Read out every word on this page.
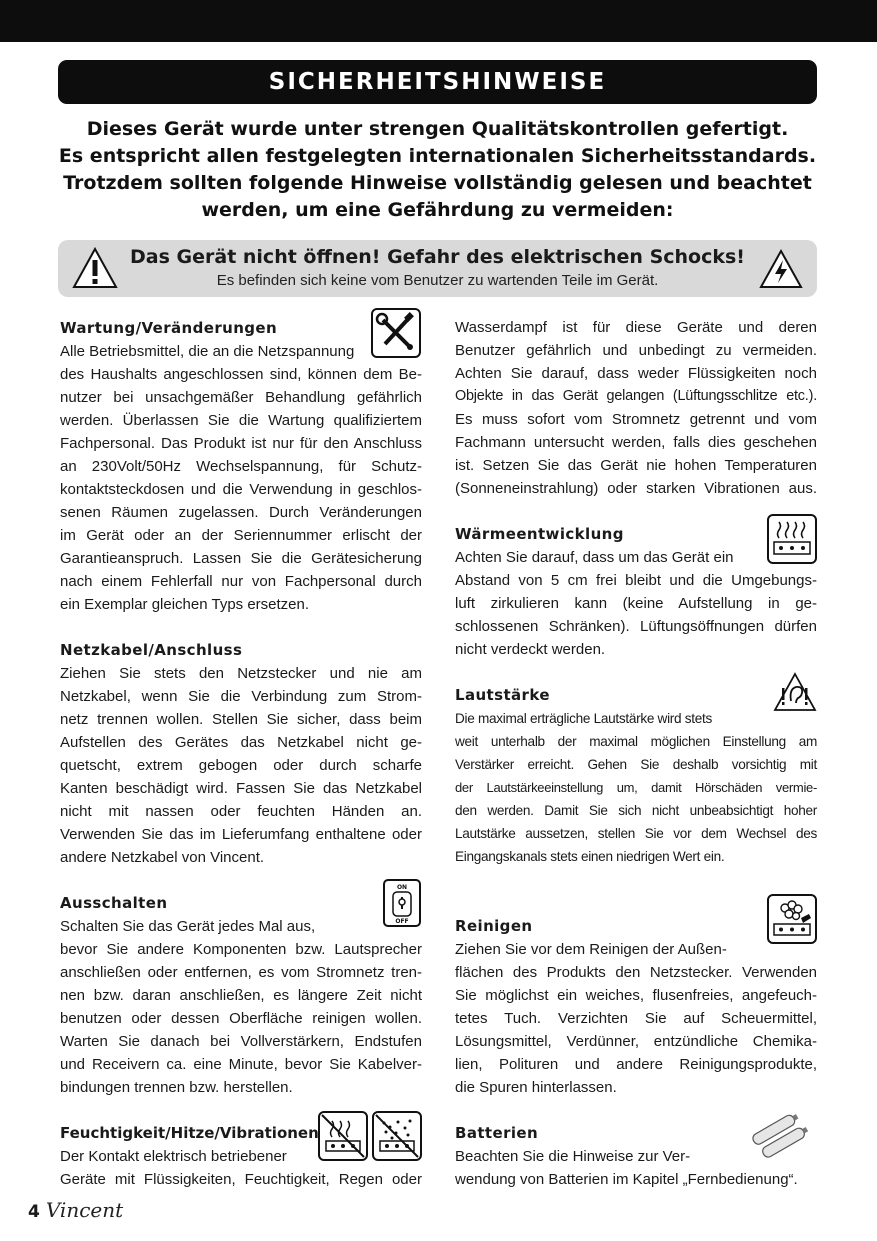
SICHERHEITSHINWEISE
Dieses Gerät wurde unter strengen Qualitätskontrollen gefertigt.
Es entspricht allen festgelegten internationalen Sicherheitsstandards.
Trotzdem sollten folgende Hinweise vollständig gelesen und beachtet
werden, um eine Gefährdung zu vermeiden:
Das Gerät nicht öffnen! Gefahr des elektrischen Schocks!
Es befinden sich keine vom Benutzer zu wartenden Teile im Gerät.
Wartung/Veränderungen
Alle Betriebsmittel, die an die Netzspannung
des Haushalts angeschlossen sind, können dem Be-
nutzer bei unsachgemäßer Behandlung gefährlich
werden. Überlassen Sie die Wartung qualifiziertem
Fachpersonal. Das Produkt ist nur für den Anschluss
an 230Volt/50Hz Wechselspannung, für Schutz-
kontaktsteckdosen und die Verwendung in geschlos-
senen Räumen zugelassen. Durch Veränderungen
im Gerät oder an der Seriennummer erlischt der
Garantieanspruch. Lassen Sie die Gerätesicherung
nach einem Fehlerfall nur von Fachpersonal durch
ein Exemplar gleichen Typs ersetzen.
Netzkabel/Anschluss
Ziehen Sie stets den Netzstecker und nie am
Netzkabel, wenn Sie die Verbindung zum Strom-
netz trennen wollen. Stellen Sie sicher, dass beim
Aufstellen des Gerätes das Netzkabel nicht ge-
quetscht, extrem gebogen oder durch scharfe
Kanten beschädigt wird. Fassen Sie das Netzkabel
nicht mit nassen oder feuchten Händen an.
Verwenden Sie das im Lieferumfang enthaltene oder
andere Netzkabel von Vincent.
Ausschalten
Schalten Sie das Gerät jedes Mal aus,
bevor Sie andere Komponenten bzw. Lautsprecher
anschließen oder entfernen, es vom Stromnetz tren-
nen bzw. daran anschließen, es längere Zeit nicht
benutzen oder dessen Oberfläche reinigen wollen.
Warten Sie danach bei Vollverstärkern, Endstufen
und Receivern ca. eine Minute, bevor Sie Kabelver-
bindungen trennen bzw. herstellen.
ON
OFF
Feuchtigkeit/Hitze/Vibrationen
Der Kontakt elektrisch betriebener
Geräte mit Flüssigkeiten, Feuchtigkeit, Regen oder
Wasserdampf ist für diese Geräte und deren
Benutzer gefährlich und unbedingt zu vermeiden.
Achten Sie darauf, dass weder Flüssigkeiten noch
Objekte in das Gerät gelangen (Lüftungsschlitze etc.).
Es muss sofort vom Stromnetz getrennt und vom
Fachmann untersucht werden, falls dies geschehen
ist. Setzen Sie das Gerät nie hohen Temperaturen
(Sonneneinstrahlung) oder starken Vibrationen aus.
Wärmeentwicklung
Achten Sie darauf, dass um das Gerät ein
Abstand von 5 cm frei bleibt und die Umgebungs-
luft zirkulieren kann (keine Aufstellung in ge-
schlossenen Schränken). Lüftungsöffnungen dürfen
nicht verdeckt werden.
Lautstärke
Die maximal erträgliche Lautstärke wird stets
weit unterhalb der maximal möglichen Einstellung am
Verstärker erreicht. Gehen Sie deshalb vorsichtig mit
der Lautstärkeeinstellung um, damit Hörschäden vermie-
den werden. Damit Sie sich nicht unbeabsichtigt hoher
Lautstärke aussetzen, stellen Sie vor dem Wechsel des
Eingangskanals stets einen niedrigen Wert ein.
Reinigen
Ziehen Sie vor dem Reinigen der Außen-
flächen des Produkts den Netzstecker. Verwenden
Sie möglichst ein weiches, flusenfreies, angefeuch-
tetes Tuch. Verzichten Sie auf Scheuermittel,
Lösungsmittel, Verdünner, entzündliche Chemika-
lien, Polituren und andere Reinigungsprodukte,
die Spuren hinterlassen.
Batterien
Beachten Sie die Hinweise zur Ver-
wendung von Batterien im Kapitel „Fernbedienung“.
4 Vincent
